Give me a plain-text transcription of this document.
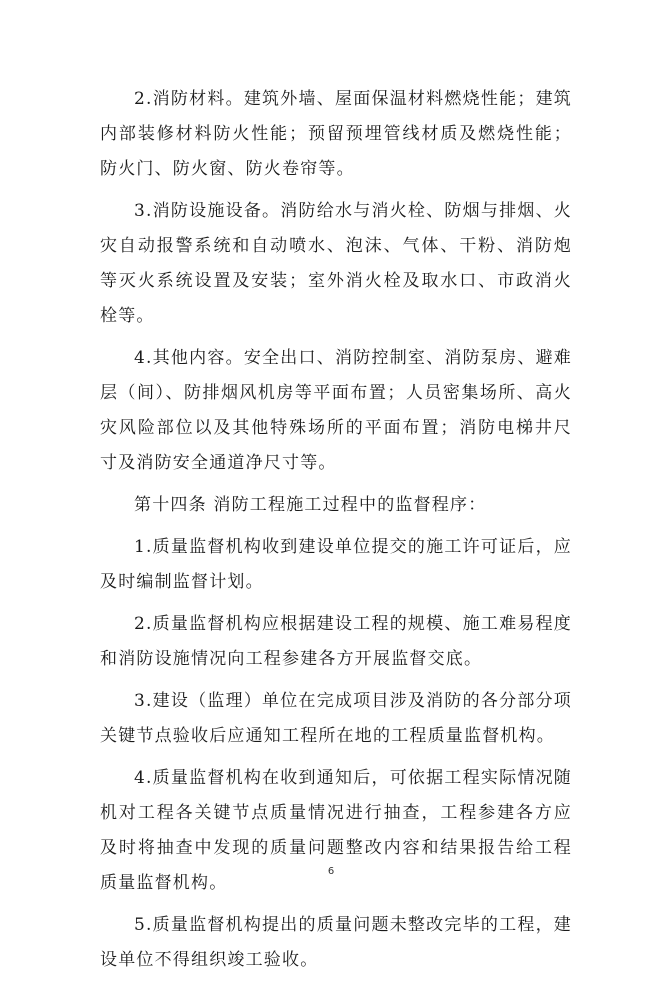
2.消防材料。建筑外墙、屋面保温材料燃烧性能；建筑内部装修材料防火性能；预留预埋管线材质及燃烧性能；防火门、防火窗、防火卷帘等。

3.消防设施设备。消防给水与消火栓、防烟与排烟、火灾自动报警系统和自动喷水、泡沫、气体、干粉、消防炮等灭火系统设置及安装；室外消火栓及取水口、市政消火栓等。

4.其他内容。安全出口、消防控制室、消防泵房、避难层（间）、防排烟风机房等平面布置；人员密集场所、高火灾风险部位以及其他特殊场所的平面布置；消防电梯井尺寸及消防安全通道净尺寸等。

第十四条 消防工程施工过程中的监督程序：

1.质量监督机构收到建设单位提交的施工许可证后，应及时编制监督计划。

2.质量监督机构应根据建设工程的规模、施工难易程度和消防设施情况向工程参建各方开展监督交底。

3.建设（监理）单位在完成项目涉及消防的各分部分项关键节点验收后应通知工程所在地的工程质量监督机构。

4.质量监督机构在收到通知后，可依据工程实际情况随机对工程各关键节点质量情况进行抽查，工程参建各方应及时将抽查中发现的质量问题整改内容和结果报告给工程质量监督机构。

5.质量监督机构提出的质量问题未整改完毕的工程，建设单位不得组织竣工验收。

6
